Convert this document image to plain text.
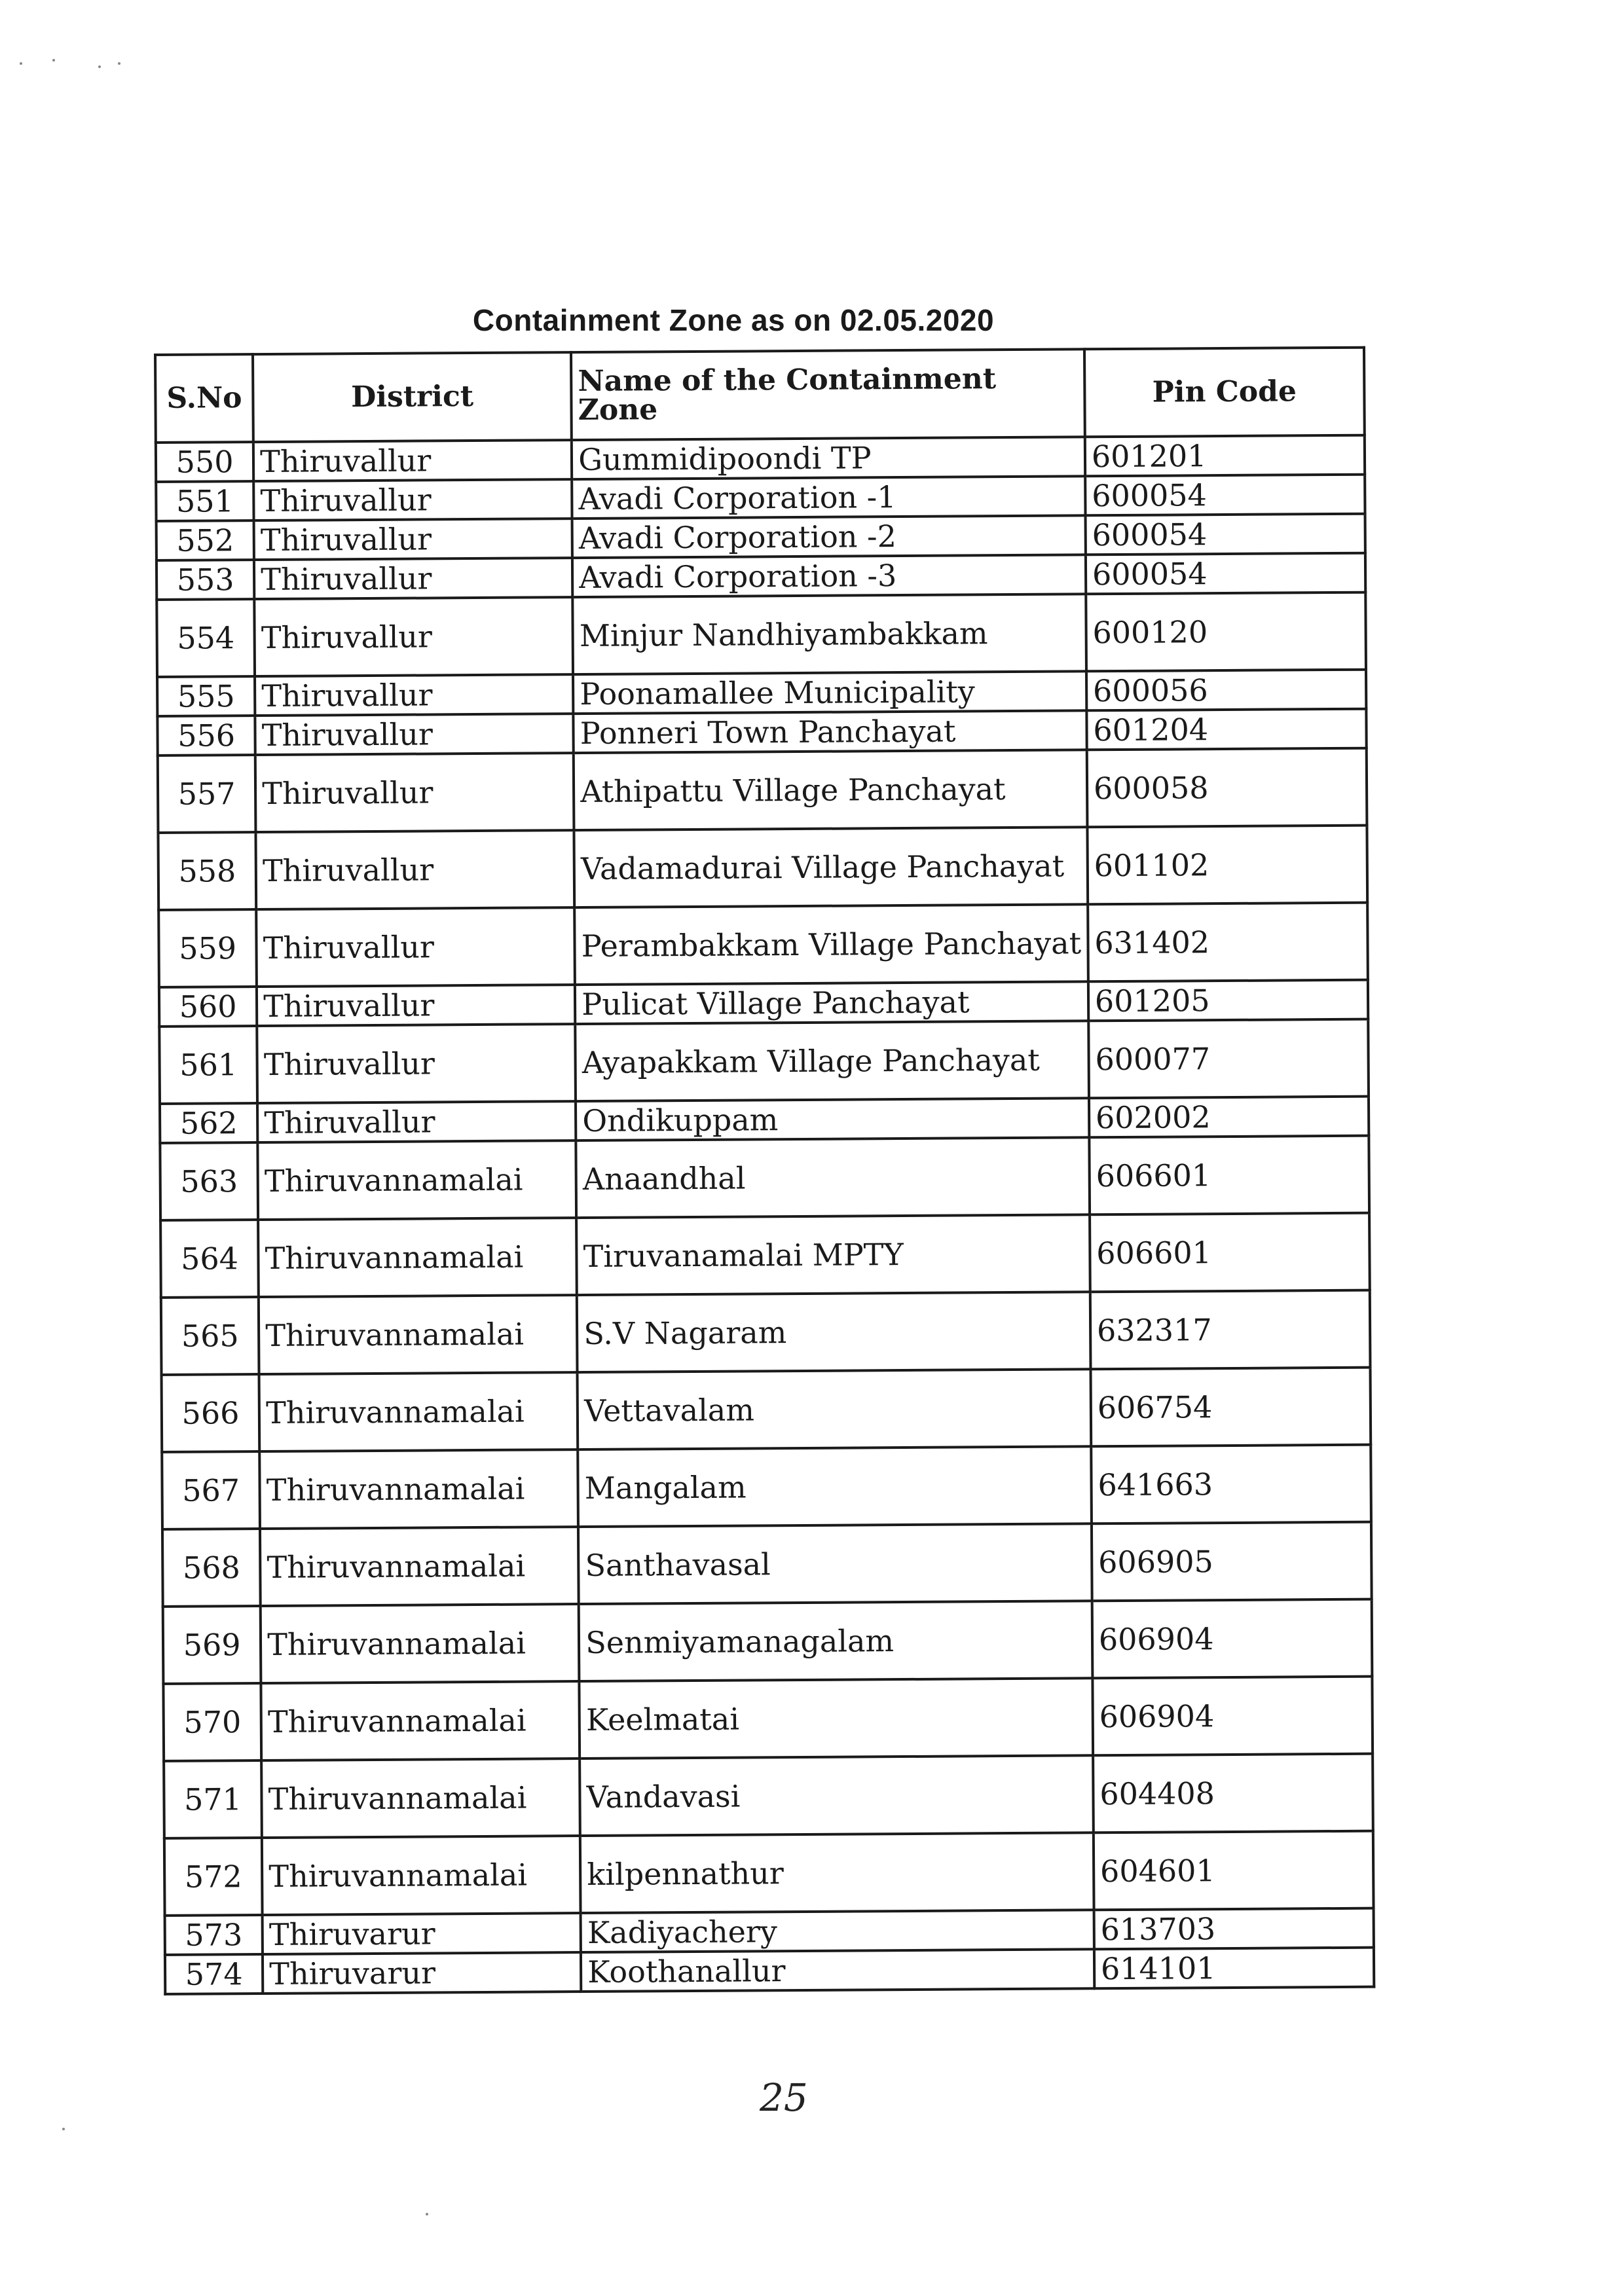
Containment Zone as on 02.05.2020
S.No	District	Name of the Containment Zone	Pin Code
550	Thiruvallur	Gummidipoondi TP	601201
551	Thiruvallur	Avadi Corporation -1	600054
552	Thiruvallur	Avadi Corporation -2	600054
553	Thiruvallur	Avadi Corporation -3	600054
554	Thiruvallur	Minjur Nandhiyambakkam	600120
555	Thiruvallur	Poonamallee Municipality	600056
556	Thiruvallur	Ponneri Town Panchayat	601204
557	Thiruvallur	Athipattu Village Panchayat	600058
558	Thiruvallur	Vadamadurai Village Panchayat	601102
559	Thiruvallur	Perambakkam Village Panchayat	631402
560	Thiruvallur	Pulicat Village Panchayat	601205
561	Thiruvallur	Ayapakkam Village Panchayat	600077
562	Thiruvallur	Ondikuppam	602002
563	Thiruvannamalai	Anaandhal	606601
564	Thiruvannamalai	Tiruvanamalai MPTY	606601
565	Thiruvannamalai	S.V Nagaram	632317
566	Thiruvannamalai	Vettavalam	606754
567	Thiruvannamalai	Mangalam	641663
568	Thiruvannamalai	Santhavasal	606905
569	Thiruvannamalai	Senmiyamanagalam	606904
570	Thiruvannamalai	Keelmatai	606904
571	Thiruvannamalai	Vandavasi	604408
572	Thiruvannamalai	kilpennathur	604601
573	Thiruvarur	Kadiyachery	613703
574	Thiruvarur	Koothanallur	614101
25
